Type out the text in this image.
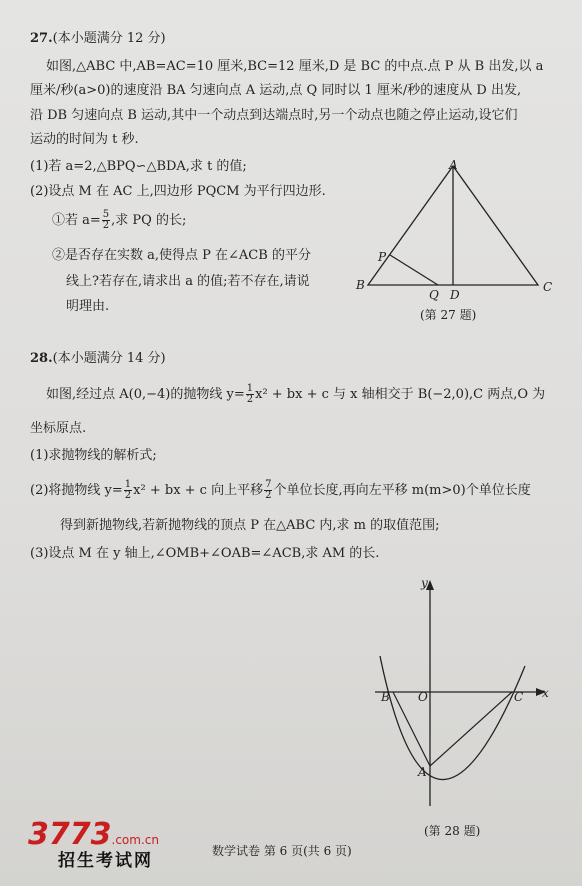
27.(本小题满分 12 分)
如图,△ABC 中,AB=AC=10 厘米,BC=12 厘米,D 是 BC 的中点.点 P 从 B 出发,以 a
厘米/秒(a>0)的速度沿 BA 匀速向点 A 运动,点 Q 同时以 1 厘米/秒的速度从 D 出发,
沿 DB 匀速向点 B 运动,其中一个动点到达端点时,另一个动点也随之停止运动,设它们
运动的时间为 t 秒.
(1)若 a=2,△BPQ∽△BDA,求 t 的值;
(2)设点 M 在 AC 上,四边形 PQCM 为平行四边形.
①若 $a= \frac{5}{2}$ ,求 PQ 的长;
②是否存在实数 a,使得点 P 在∠ACB 的平分
线上?若存在,请求出 a 的值;若不存在,请说
明理由.
A
B	C
D
P
Q
(第 27 题)
28.(本小题满分 14 分)
如图,经过点 A(0,−4)的抛物线 $y= \frac{1}{2} x^2$ + bx + c 与 x 轴相交于 B(−2,0),C 两点,O 为
坐标原点.
(1)求抛物线的解析式;
(2)将抛物线 $y= \frac{1}{2} x^2$ + bx + c 向上平移 $\frac{7}{2}$ 个单位长度,再向左平移 m(m>0)个单位长度
得到新抛物线,若新抛物线的顶点 P 在△ABC 内,求 m 的取值范围;
(3)设点 M 在 y 轴上,∠OMB+∠OAB=∠ACB,求 AM 的长.
y
x
O
B	C
A
(第 28 题)
3773.com.cn
招生考试网	数学试卷 第 6 页(共 6 页)
